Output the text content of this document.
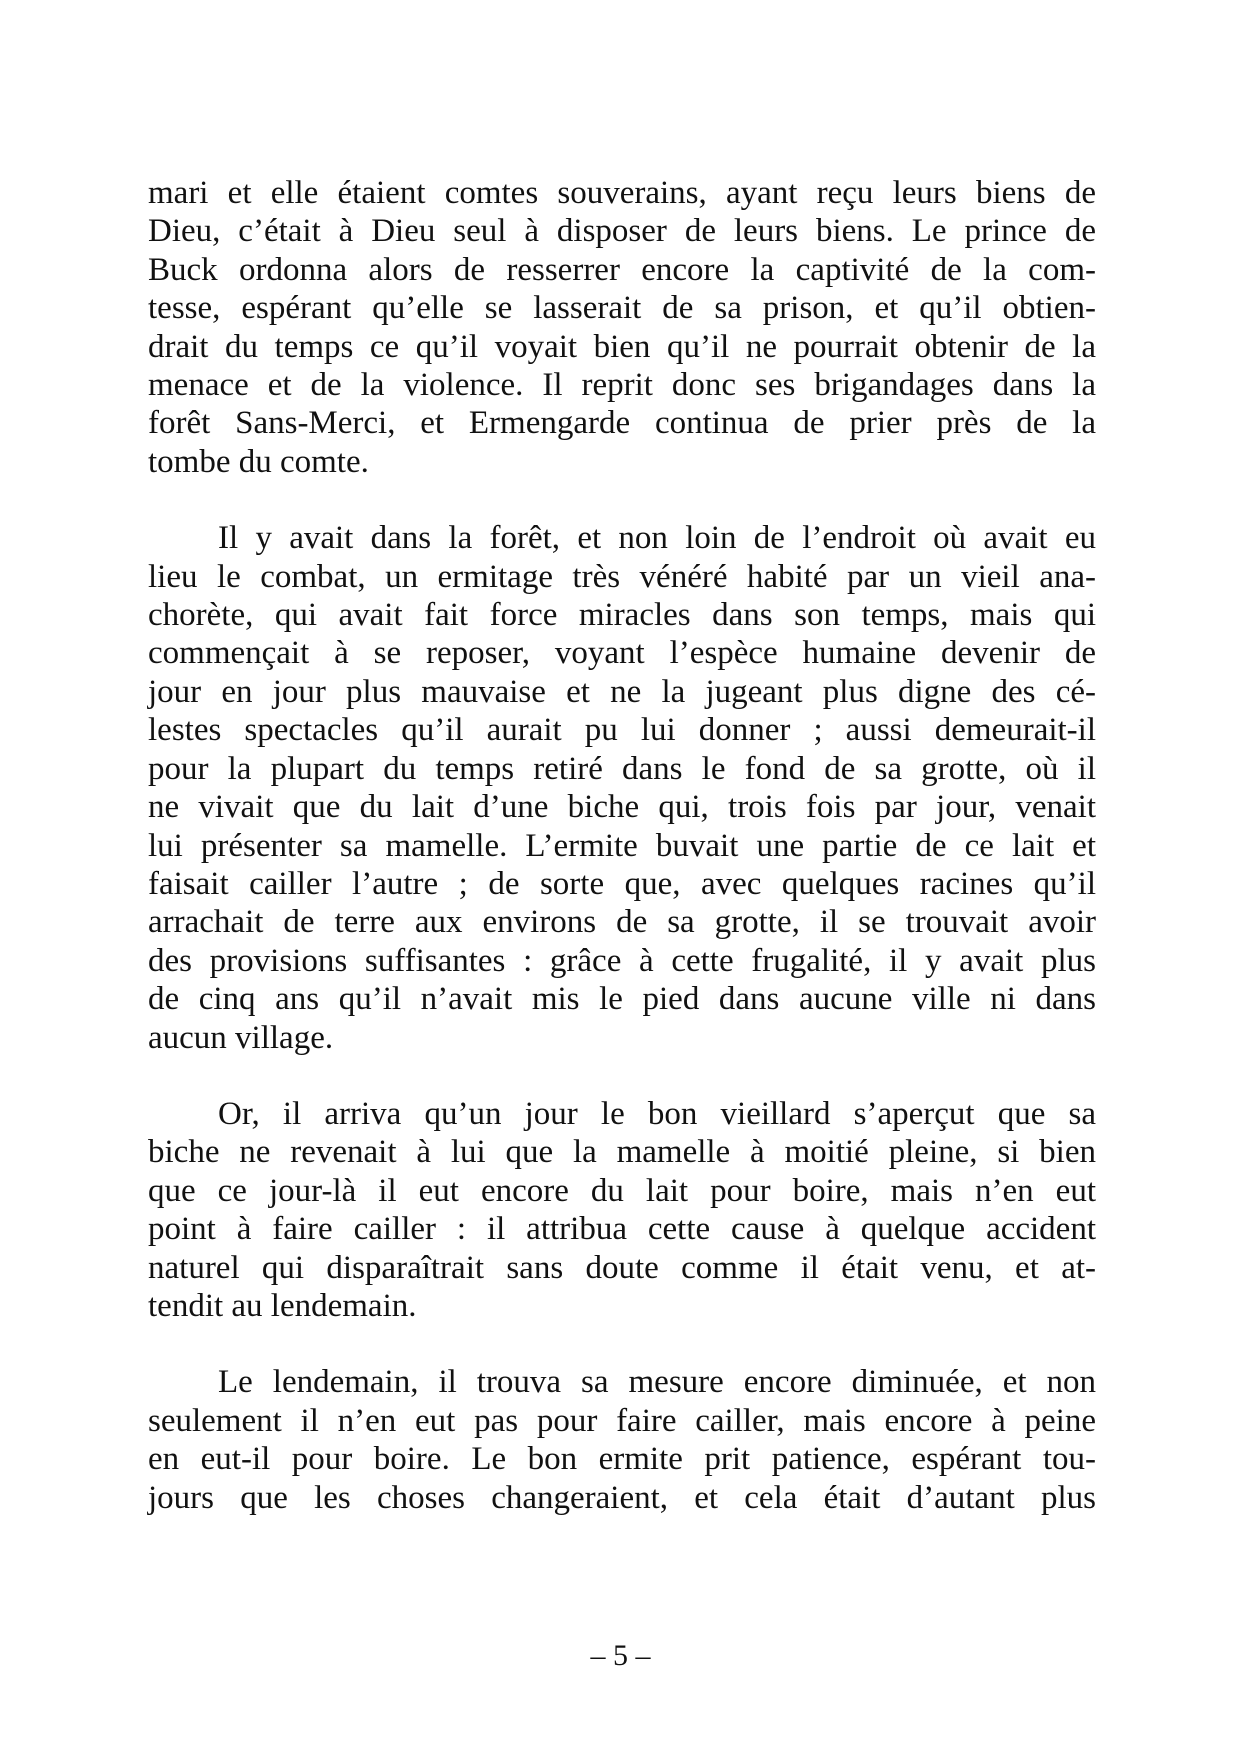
mari et elle étaient comtes souverains, ayant reçu leurs biens de
Dieu, c’était à Dieu seul à disposer de leurs biens. Le prince de
Buck ordonna alors de resserrer encore la captivité de la com-
tesse, espérant qu’elle se lasserait de sa prison, et qu’il obtien-
drait du temps ce qu’il voyait bien qu’il ne pourrait obtenir de la
menace et de la violence. Il reprit donc ses brigandages dans la
forêt Sans-Merci, et Ermengarde continua de prier près de la
tombe du comte.
Il y avait dans la forêt, et non loin de l’endroit où avait eu
lieu le combat, un ermitage très vénéré habité par un vieil ana-
chorète, qui avait fait force miracles dans son temps, mais qui
commençait à se reposer, voyant l’espèce humaine devenir de
jour en jour plus mauvaise et ne la jugeant plus digne des cé-
lestes spectacles qu’il aurait pu lui donner ; aussi demeurait-il
pour la plupart du temps retiré dans le fond de sa grotte, où il
ne vivait que du lait d’une biche qui, trois fois par jour, venait
lui présenter sa mamelle. L’ermite buvait une partie de ce lait et
faisait cailler l’autre ; de sorte que, avec quelques racines qu’il
arrachait de terre aux environs de sa grotte, il se trouvait avoir
des provisions suffisantes : grâce à cette frugalité, il y avait plus
de cinq ans qu’il n’avait mis le pied dans aucune ville ni dans
aucun village.
Or, il arriva qu’un jour le bon vieillard s’aperçut que sa
biche ne revenait à lui que la mamelle à moitié pleine, si bien
que ce jour-là il eut encore du lait pour boire, mais n’en eut
point à faire cailler : il attribua cette cause à quelque accident
naturel qui disparaîtrait sans doute comme il était venu, et at-
tendit au lendemain.
Le lendemain, il trouva sa mesure encore diminuée, et non
seulement il n’en eut pas pour faire cailler, mais encore à peine
en eut-il pour boire. Le bon ermite prit patience, espérant tou-
jours que les choses changeraient, et cela était d’autant plus
– 5 –
